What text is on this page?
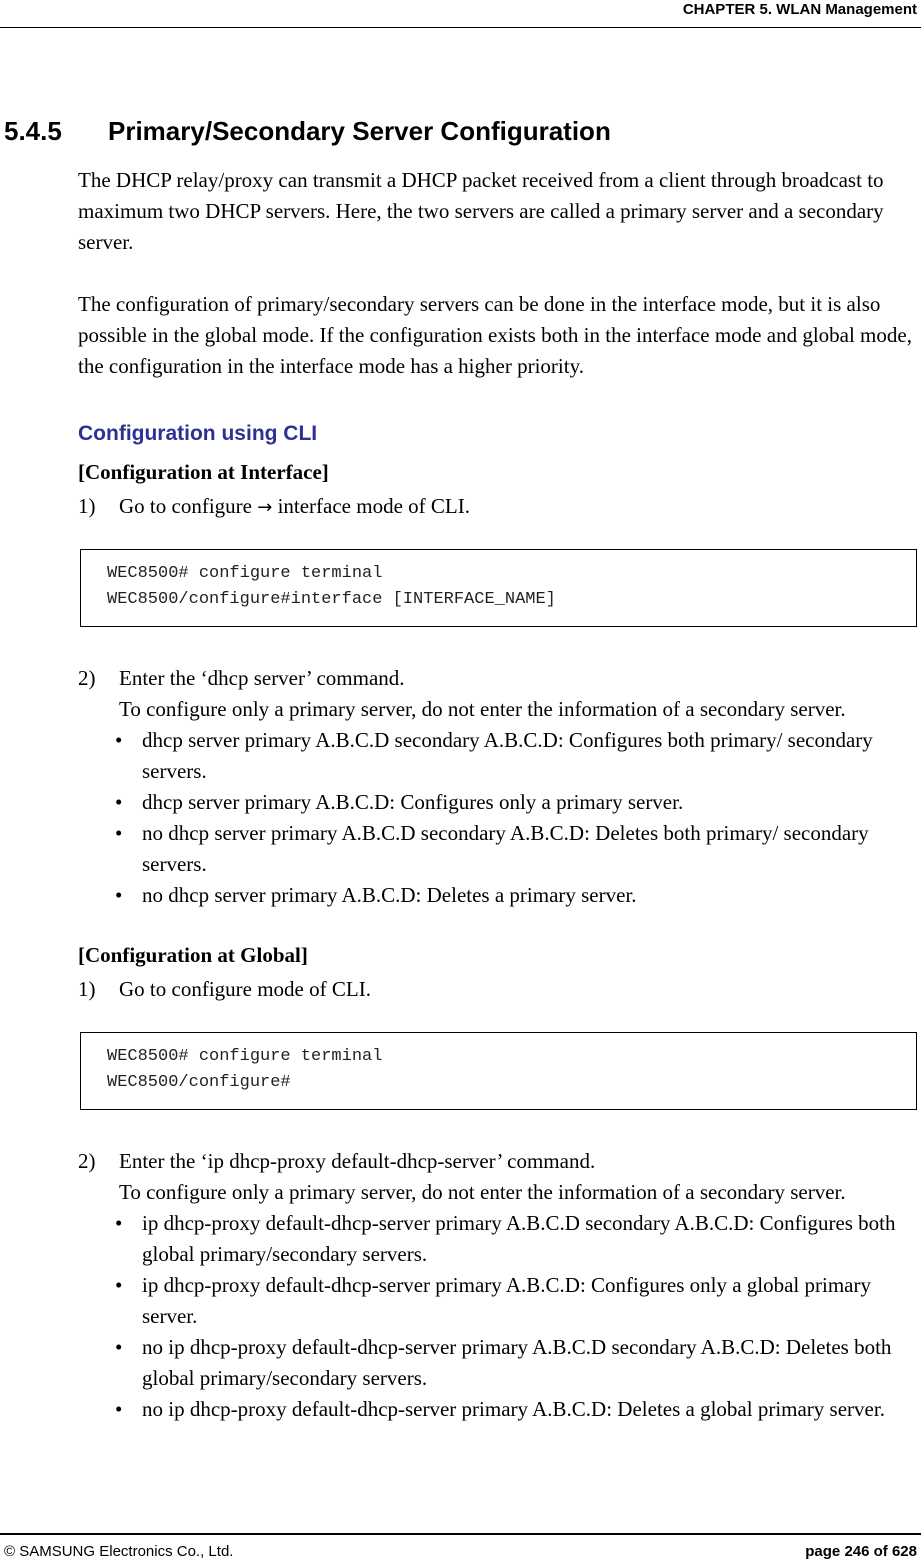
CHAPTER 5. WLAN Management
5.4.5 Primary/Secondary Server Configuration
The DHCP relay/proxy can transmit a DHCP packet received from a client through broadcast to maximum two DHCP servers. Here, the two servers are called a primary server and a secondary server.
The configuration of primary/secondary servers can be done in the interface mode, but it is also possible in the global mode. If the configuration exists both in the interface mode and global mode, the configuration in the interface mode has a higher priority.
Configuration using CLI
[Configuration at Interface]
1) Go to configure → interface mode of CLI.
WEC8500# configure terminal
WEC8500/configure#interface [INTERFACE_NAME]
2) Enter the ‘dhcp server’ command.
To configure only a primary server, do not enter the information of a secondary server.
• dhcp server primary A.B.C.D secondary A.B.C.D: Configures both primary/ secondary servers.
• dhcp server primary A.B.C.D: Configures only a primary server.
• no dhcp server primary A.B.C.D secondary A.B.C.D: Deletes both primary/ secondary servers.
• no dhcp server primary A.B.C.D: Deletes a primary server.
[Configuration at Global]
1) Go to configure mode of CLI.
WEC8500# configure terminal
WEC8500/configure#
2) Enter the ‘ip dhcp-proxy default-dhcp-server’ command.
To configure only a primary server, do not enter the information of a secondary server.
• ip dhcp-proxy default-dhcp-server primary A.B.C.D secondary A.B.C.D: Configures both global primary/secondary servers.
• ip dhcp-proxy default-dhcp-server primary A.B.C.D: Configures only a global primary server.
• no ip dhcp-proxy default-dhcp-server primary A.B.C.D secondary A.B.C.D: Deletes both global primary/secondary servers.
• no ip dhcp-proxy default-dhcp-server primary A.B.C.D: Deletes a global primary server.
© SAMSUNG Electronics Co., Ltd.	page 246 of 628
